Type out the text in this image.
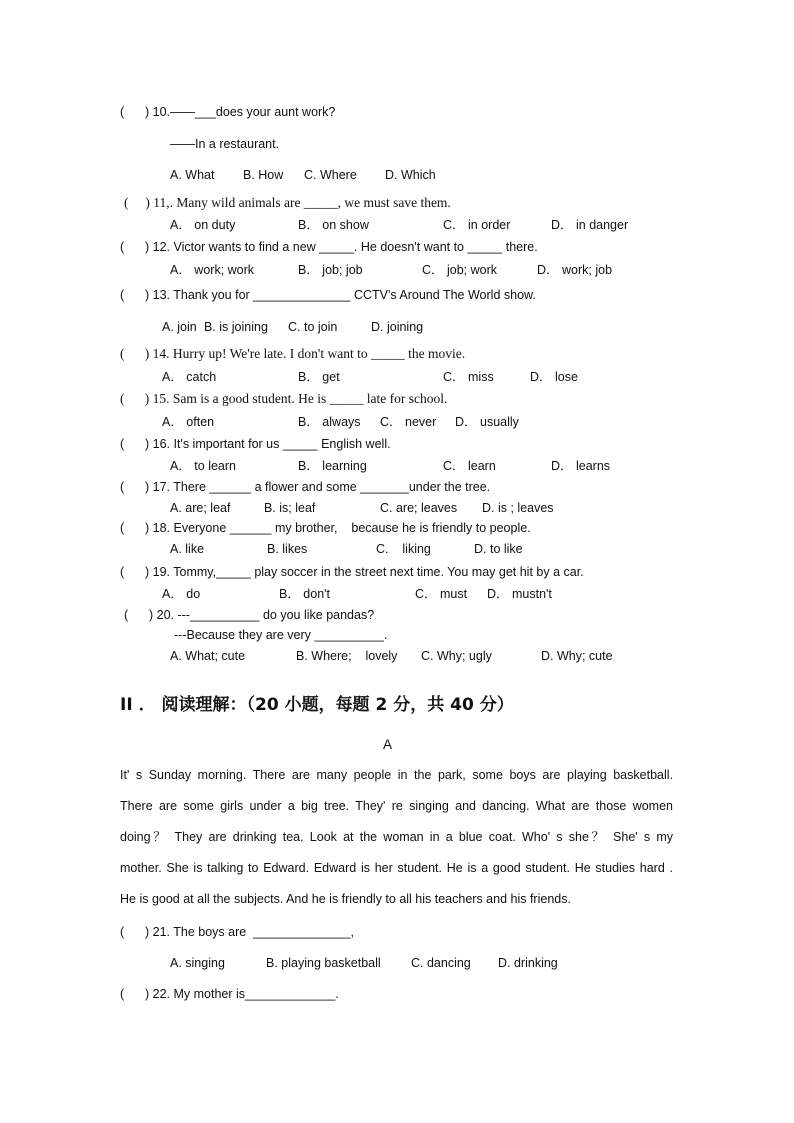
(      ) 10.——___does your aunt work?
——In a restaurant.
A. What B. How C. Where D. Which
(     ) 11,. Many wild animals are _____, we must save them.
A． on duty	B． on show	C． in order	D． in danger
(      ) 12. Victor wants to find a new _____. He doesn't want to _____ there.
A． work; work	B． job; job	C． job; work	D． work; job
(      ) 13. Thank you for ______________ CCTV's Around The World show.
A. join B. is joining C. to join	D. joining
(      ) 14. Hurry up! We're late. I don't want to _____ the movie.
A． catch	B． get	C． miss	D． lose
(      ) 15. Sam is a good student. He is _____ late for school.
A． often	B． always C． never D． usually
(      ) 16. It's important for us _____ English well.
A． to learn	B． learning	C． learn	D． learns
(      ) 17. There ______ a flower and some _______under the tree.
A. are; leaf	B. is; leaf	C. are; leaves D. is ; leaves
(      ) 18. Everyone ______ my brother,    because he is friendly to people.
A. like	B. likes	C.    liking	D. to like
(      ) 19. Tommy,_____ play soccer in the street next time. You may get hit by a car.
A． do	B． don't	C． must D． mustn't
(      ) 20. ---__________ do you like pandas?
---Because they are very __________.
A. What; cute	B. Where;    lovely C. Why; ugly	D. Why; cute
II ． 阅读理解：（20 小题，每题 2 分，共 40 分）
A
It' s Sunday morning. There are many people in the park, some boys are playing basketball.
There are some girls under a big tree. They' re singing and dancing. What are those women
doing？ They are drinking tea. Look at the woman in a blue coat. Who' s she？ She' s my
mother. She is talking to Edward. Edward is her student. He is a good student. He studies hard .
He is good at all the subjects. And he is friendly to all his teachers and his friends.
(      ) 21. The boys are  ______________,
A. singing	B. playing basketball C. dancing D. drinking
(      ) 22. My mother is_____________.
